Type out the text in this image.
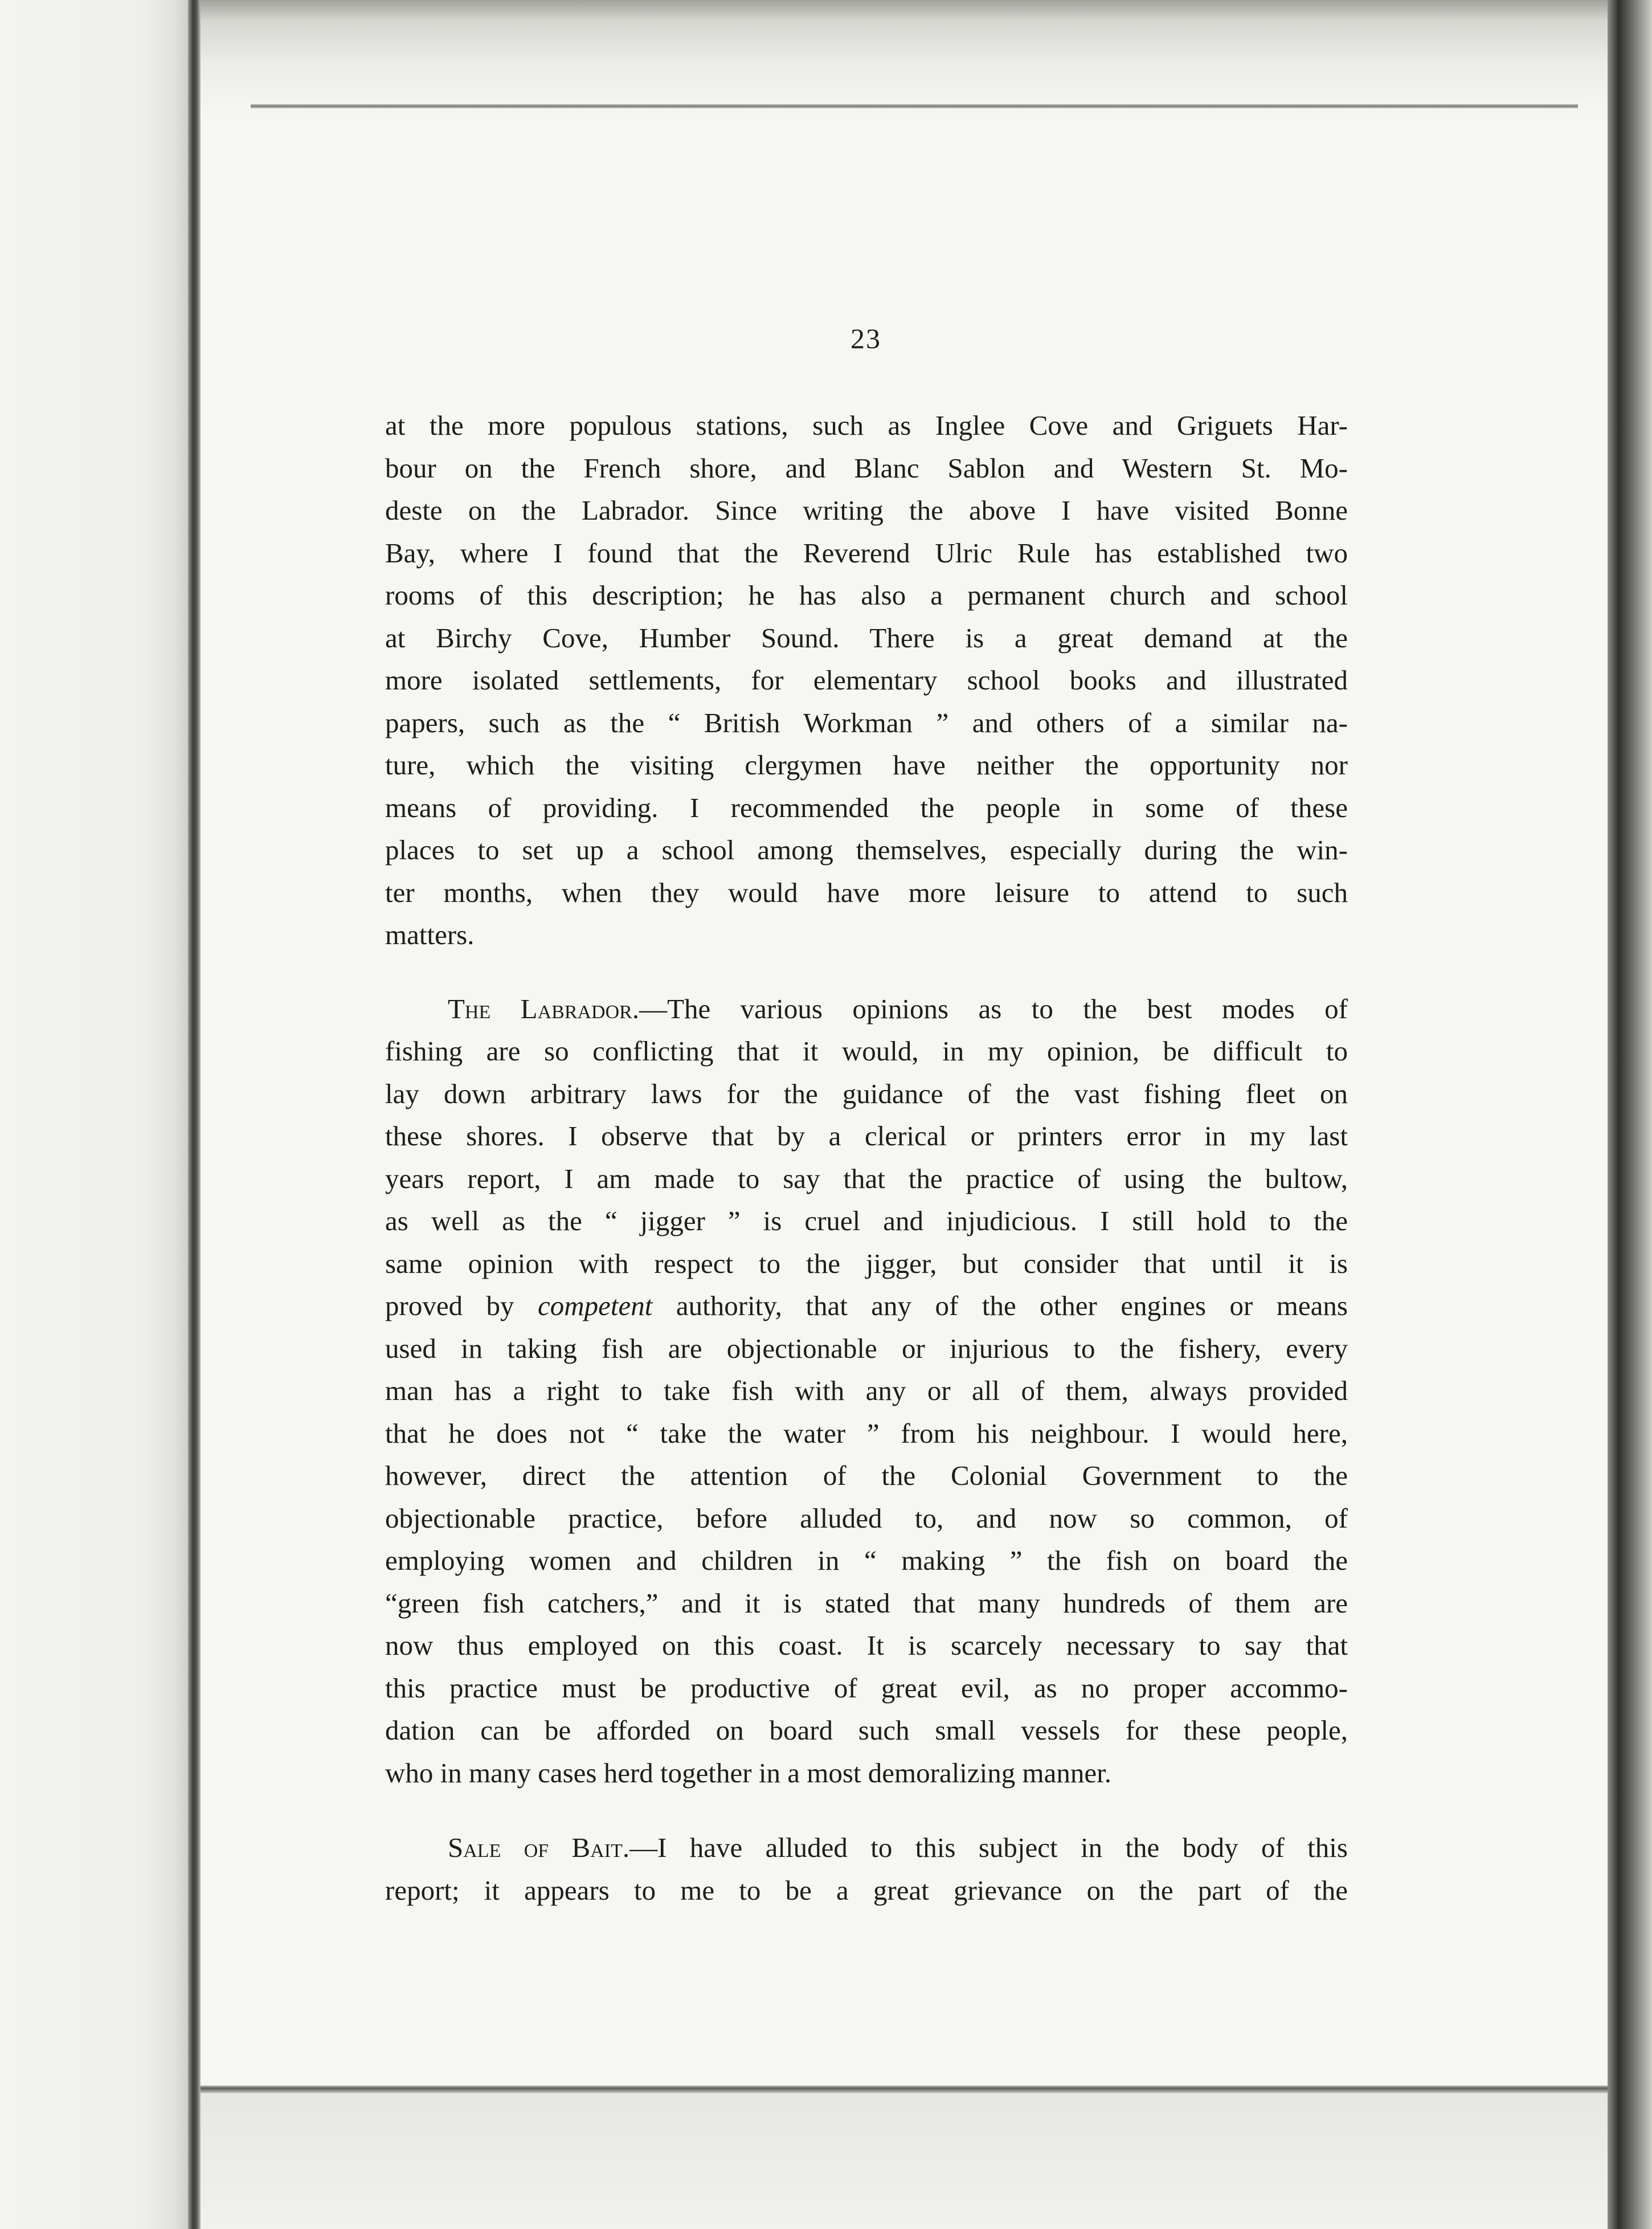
23
at the more populous stations, such as Inglee Cove and Griguets Har-
bour on the French shore, and Blanc Sablon and Western St. Mo-
deste on the Labrador. Since writing the above I have visited Bonne
Bay, where I found that the Reverend Ulric Rule has established two
rooms of this description; he has also a permanent church and school
at Birchy Cove, Humber Sound. There is a great demand at the
more isolated settlements, for elementary school books and illustrated
papers, such as the “ British Workman ” and others of a similar na-
ture, which the visiting clergymen have neither the opportunity nor
means of providing. I recommended the people in some of these
places to set up a school among themselves, especially during the win-
ter months, when they would have more leisure to attend to such
matters.
The Labrador.—The various opinions as to the best modes of
fishing are so conflicting that it would, in my opinion, be difficult to
lay down arbitrary laws for the guidance of the vast fishing fleet on
these shores. I observe that by a clerical or printers error in my last
years report, I am made to say that the practice of using the bultow,
as well as the “ jigger ” is cruel and injudicious. I still hold to the
same opinion with respect to the jigger, but consider that until it is
proved by competent authority, that any of the other engines or means
used in taking fish are objectionable or injurious to the fishery, every
man has a right to take fish with any or all of them, always provided
that he does not “ take the water ” from his neighbour. I would here,
however, direct the attention of the Colonial Government to the
objectionable practice, before alluded to, and now so common, of
employing women and children in “ making ” the fish on board the
“green fish catchers,” and it is stated that many hundreds of them are
now thus employed on this coast. It is scarcely necessary to say that
this practice must be productive of great evil, as no proper accommo-
dation can be afforded on board such small vessels for these people,
who in many cases herd together in a most demoralizing manner.
Sale of Bait.—I have alluded to this subject in the body of this
report; it appears to me to be a great grievance on the part of the
